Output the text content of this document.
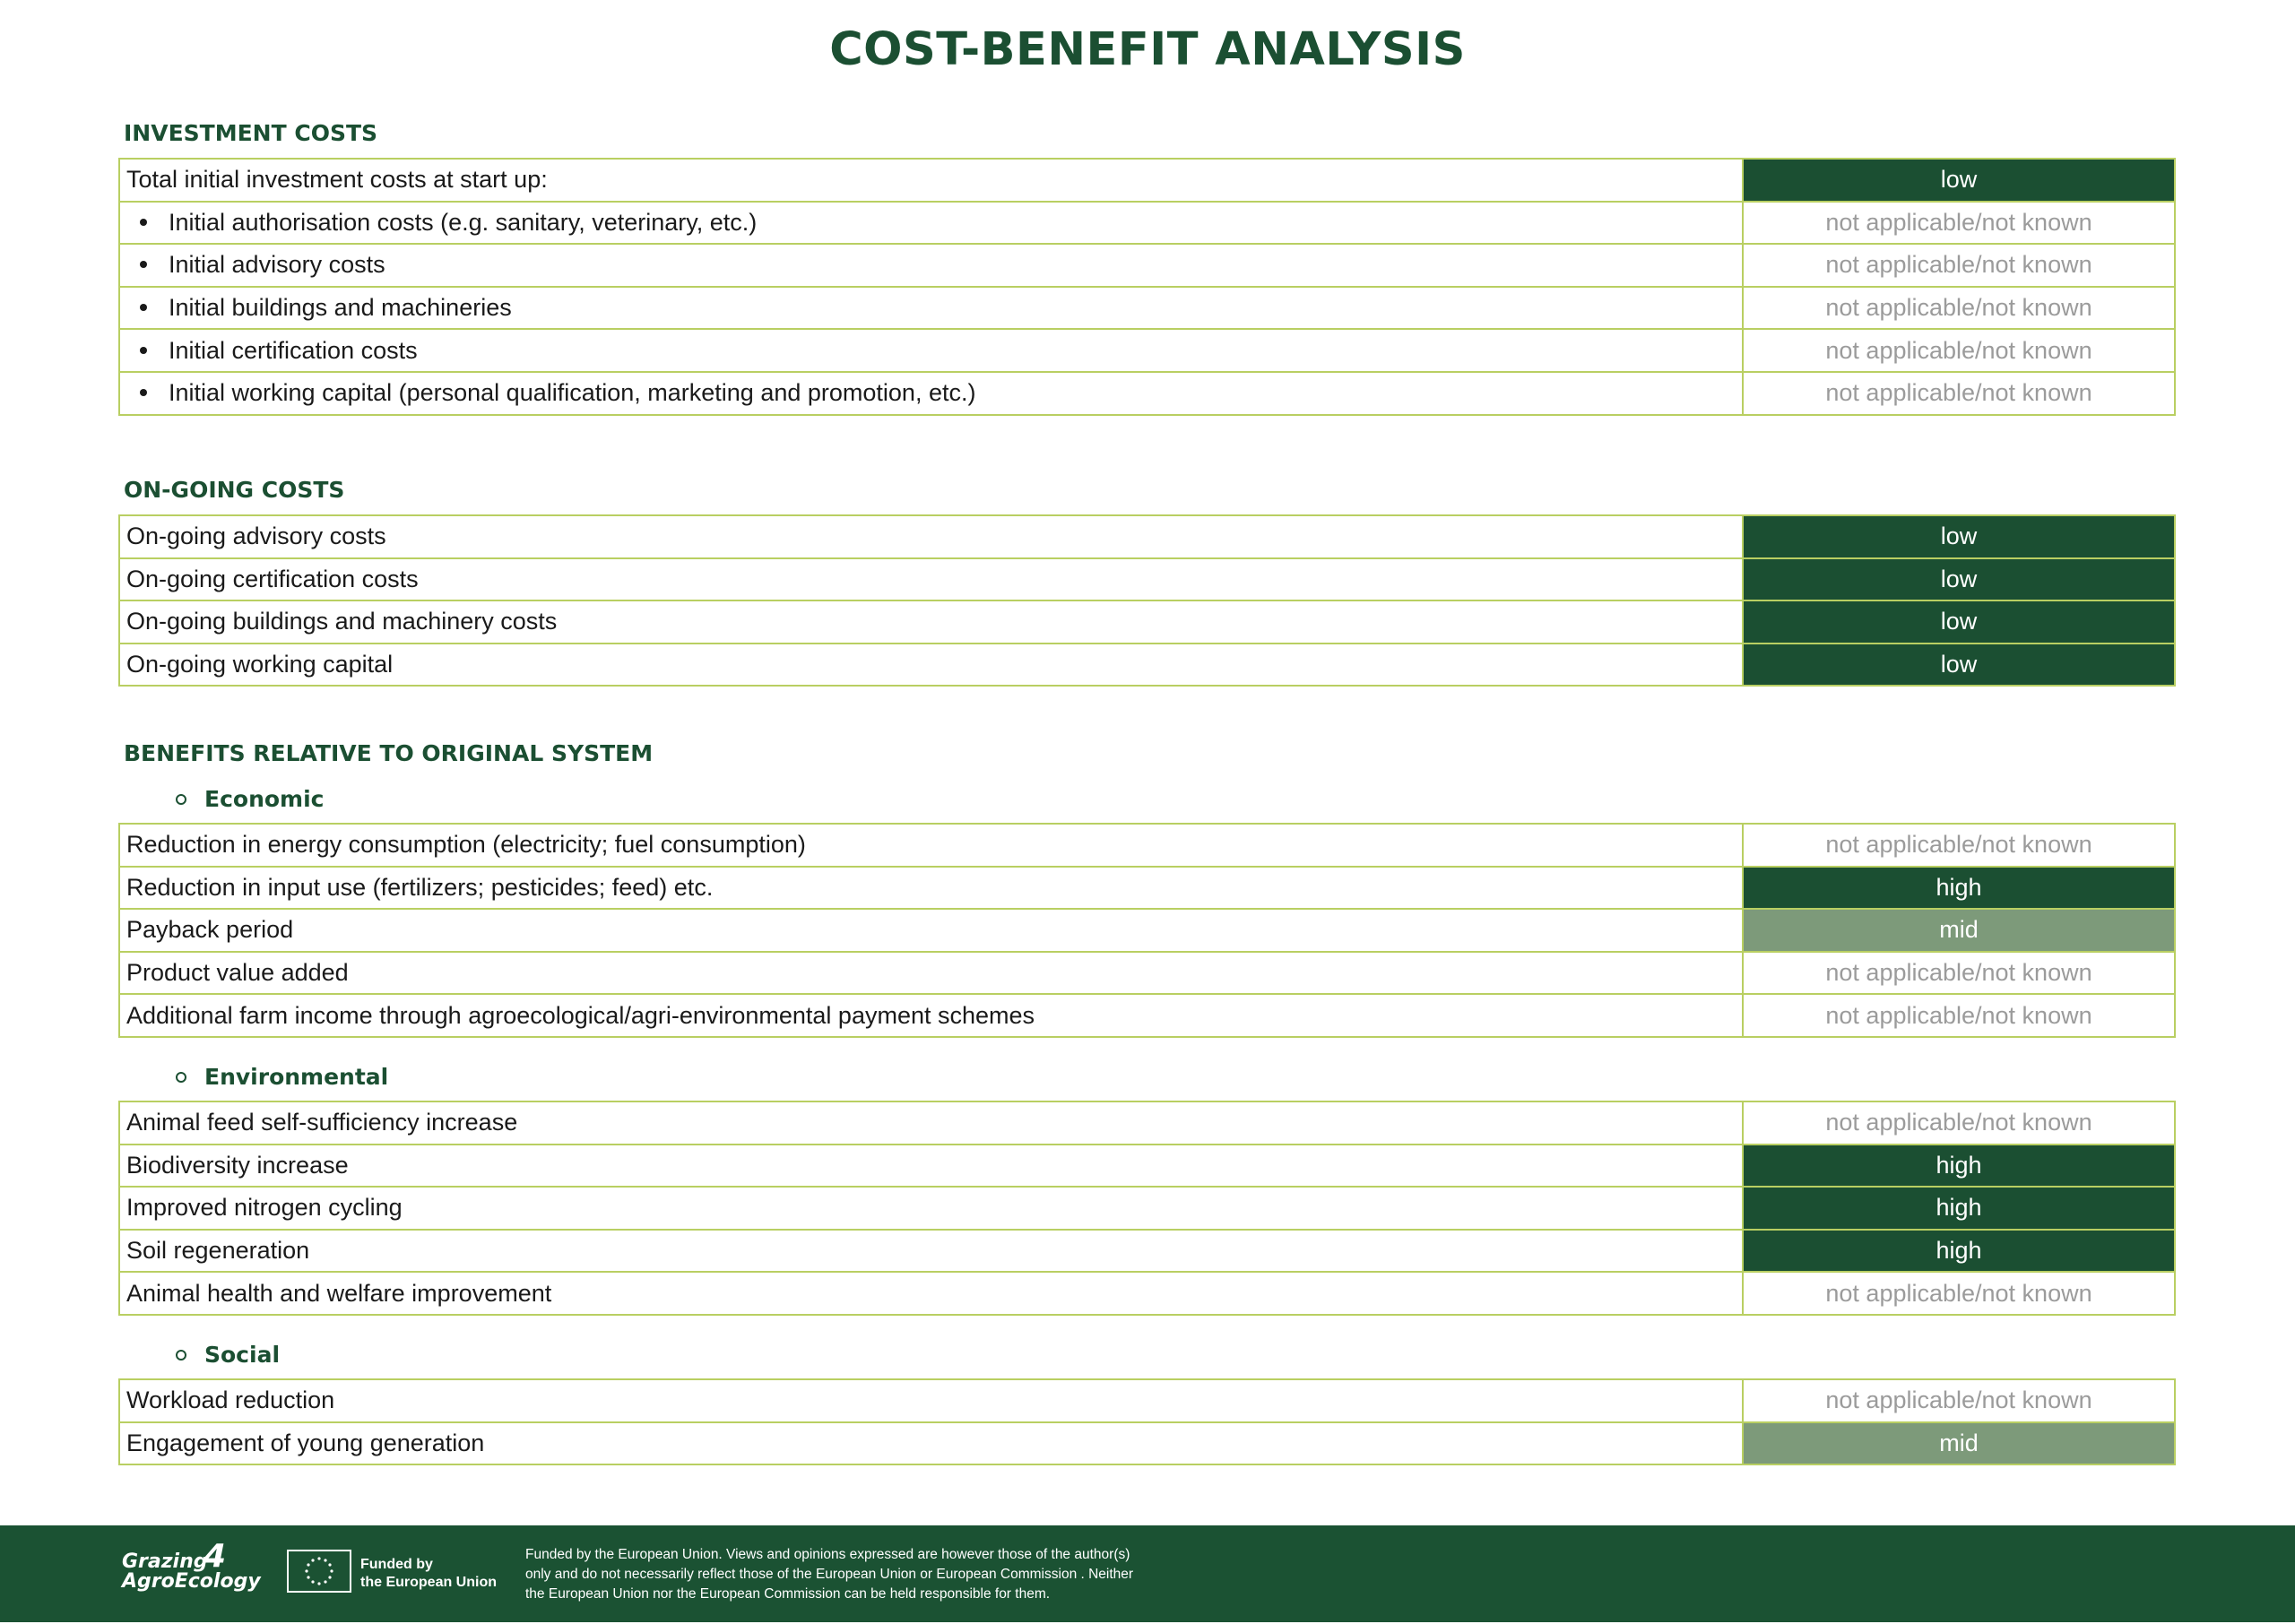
COST-BENEFIT ANALYSIS
INVESTMENT COSTS
Total initial investment costs at start up:	low
Initial authorisation costs (e.g. sanitary, veterinary, etc.)	not applicable/not known
Initial advisory costs	not applicable/not known
Initial buildings and machineries	not applicable/not known
Initial certification costs	not applicable/not known
Initial working capital (personal qualification, marketing and promotion, etc.)	not applicable/not known
ON-GOING COSTS
On-going advisory costs	low
On-going certification costs	low
On-going buildings and machinery costs	low
On-going working capital	low
BENEFITS RELATIVE TO ORIGINAL SYSTEM
Economic
Reduction in energy consumption (electricity; fuel consumption)	not applicable/not known
Reduction in input use (fertilizers; pesticides; feed) etc.	high
Payback period	mid
Product value added	not applicable/not known
Additional farm income through agroecological/agri-environmental payment schemes	not applicable/not known
Environmental
Animal feed self-sufficiency increase	not applicable/not known
Biodiversity increase	high
Improved nitrogen cycling	high
Soil regeneration	high
Animal health and welfare improvement	not applicable/not known
Social
Workload reduction	not applicable/not known
Engagement of young generation	mid
Grazing
AgroEcology
4	Funded by
the European Union
Funded by the European Union. Views and opinions expressed are however those of the author(s)
only and do not necessarily reflect those of the European Union or European Commission . Neither
the European Union nor the European Commission can be held responsible for them.
